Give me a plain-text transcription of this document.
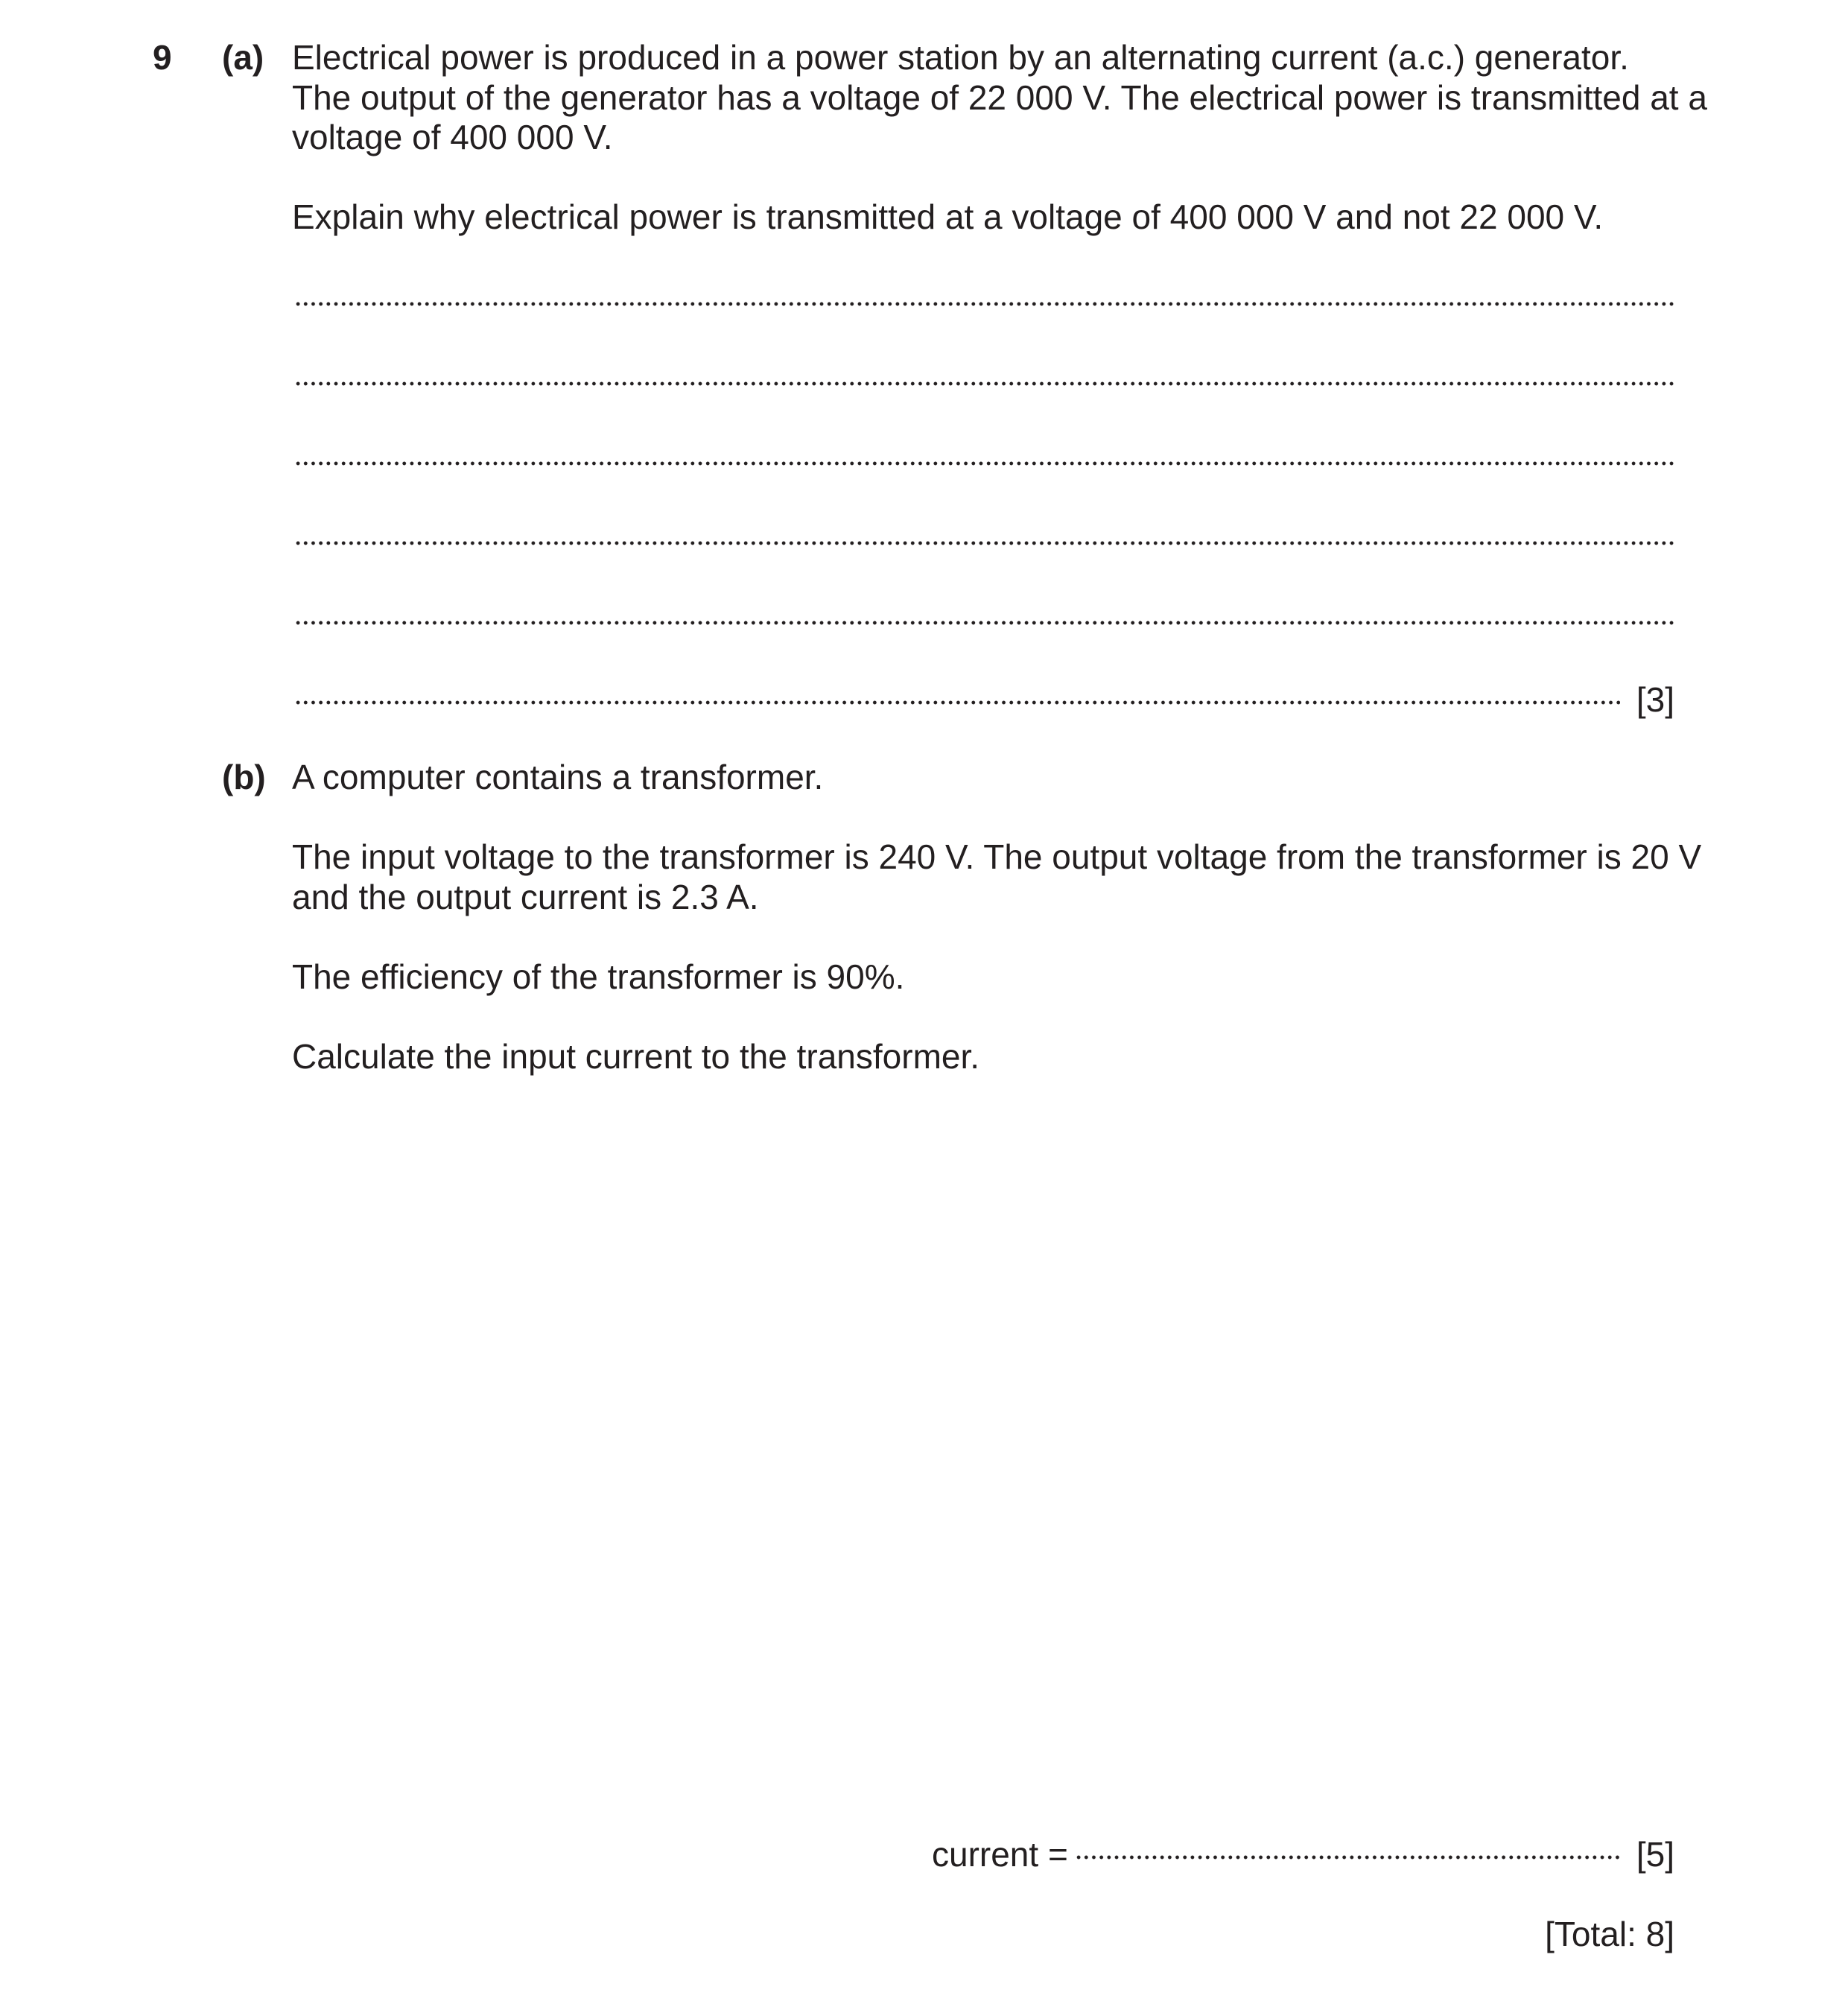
9 (a) Electrical power is produced in a power station by an alternating current (a.c.) generator.
The output of the generator has a voltage of 22 000 V. The electrical power is transmitted at a
voltage of 400 000 V.
Explain why electrical power is transmitted at a voltage of 400 000 V and not 22 000 V.
[3]
(b) A computer contains a transformer.
The input voltage to the transformer is 240 V. The output voltage from the transformer is 20 V
and the output current is 2.3 A.
The efficiency of the transformer is 90%.
Calculate the input current to the transformer.
current =	[5]
[Total: 8]
